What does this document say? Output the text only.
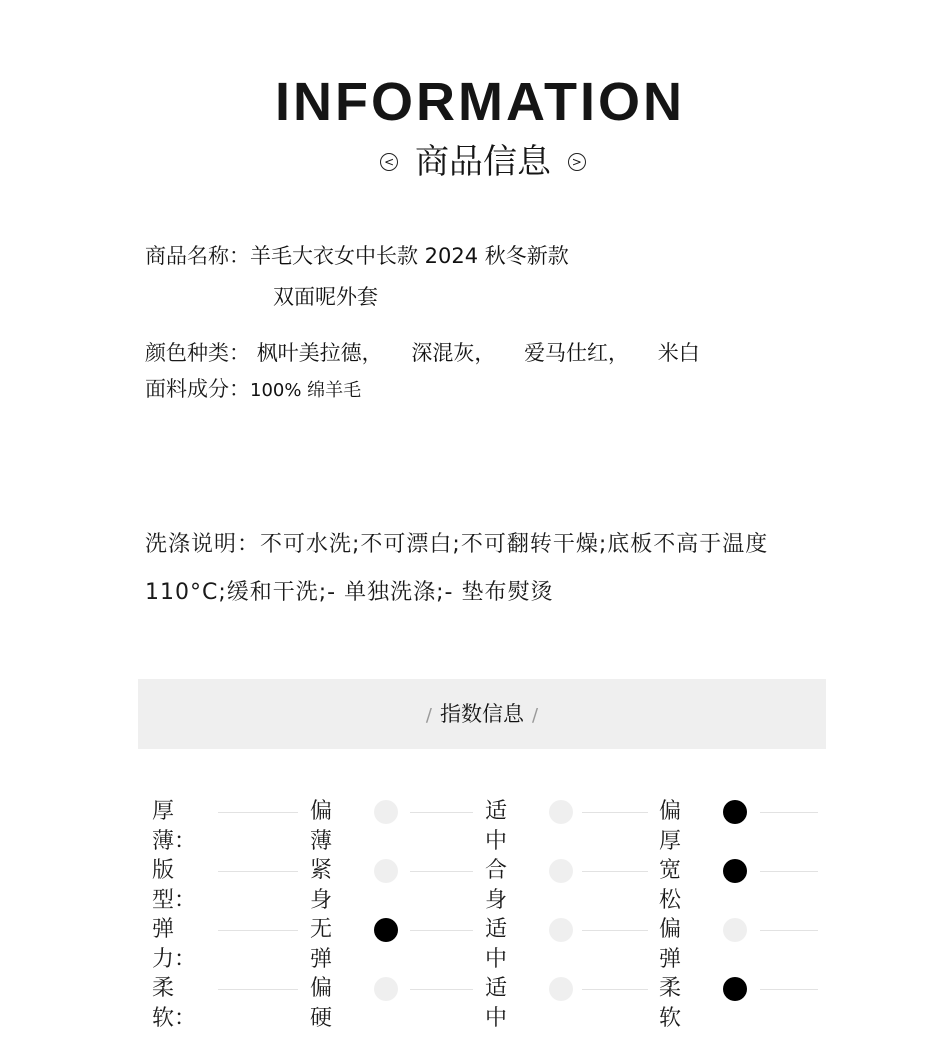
INFORMATION
< 商品信息 >
商品名称：羊毛大衣女中长款 2024 秋冬新款
双面呢外套
颜色种类： 枫叶美拉德， 深混灰， 爱马仕红， 米白
面料成分：100% 绵羊毛
洗涤说明：不可水洗;不可漂白;不可翻转干燥;底板不高于温度
110°C;缓和干洗;- 单独洗涤;- 垫布熨烫
/ 指数信息 /
厚薄：
偏薄
适中
偏厚
版型：
紧身
合身
宽松
弹力：
无弹
适中
偏弹
柔软：
偏硬
适中
柔软
